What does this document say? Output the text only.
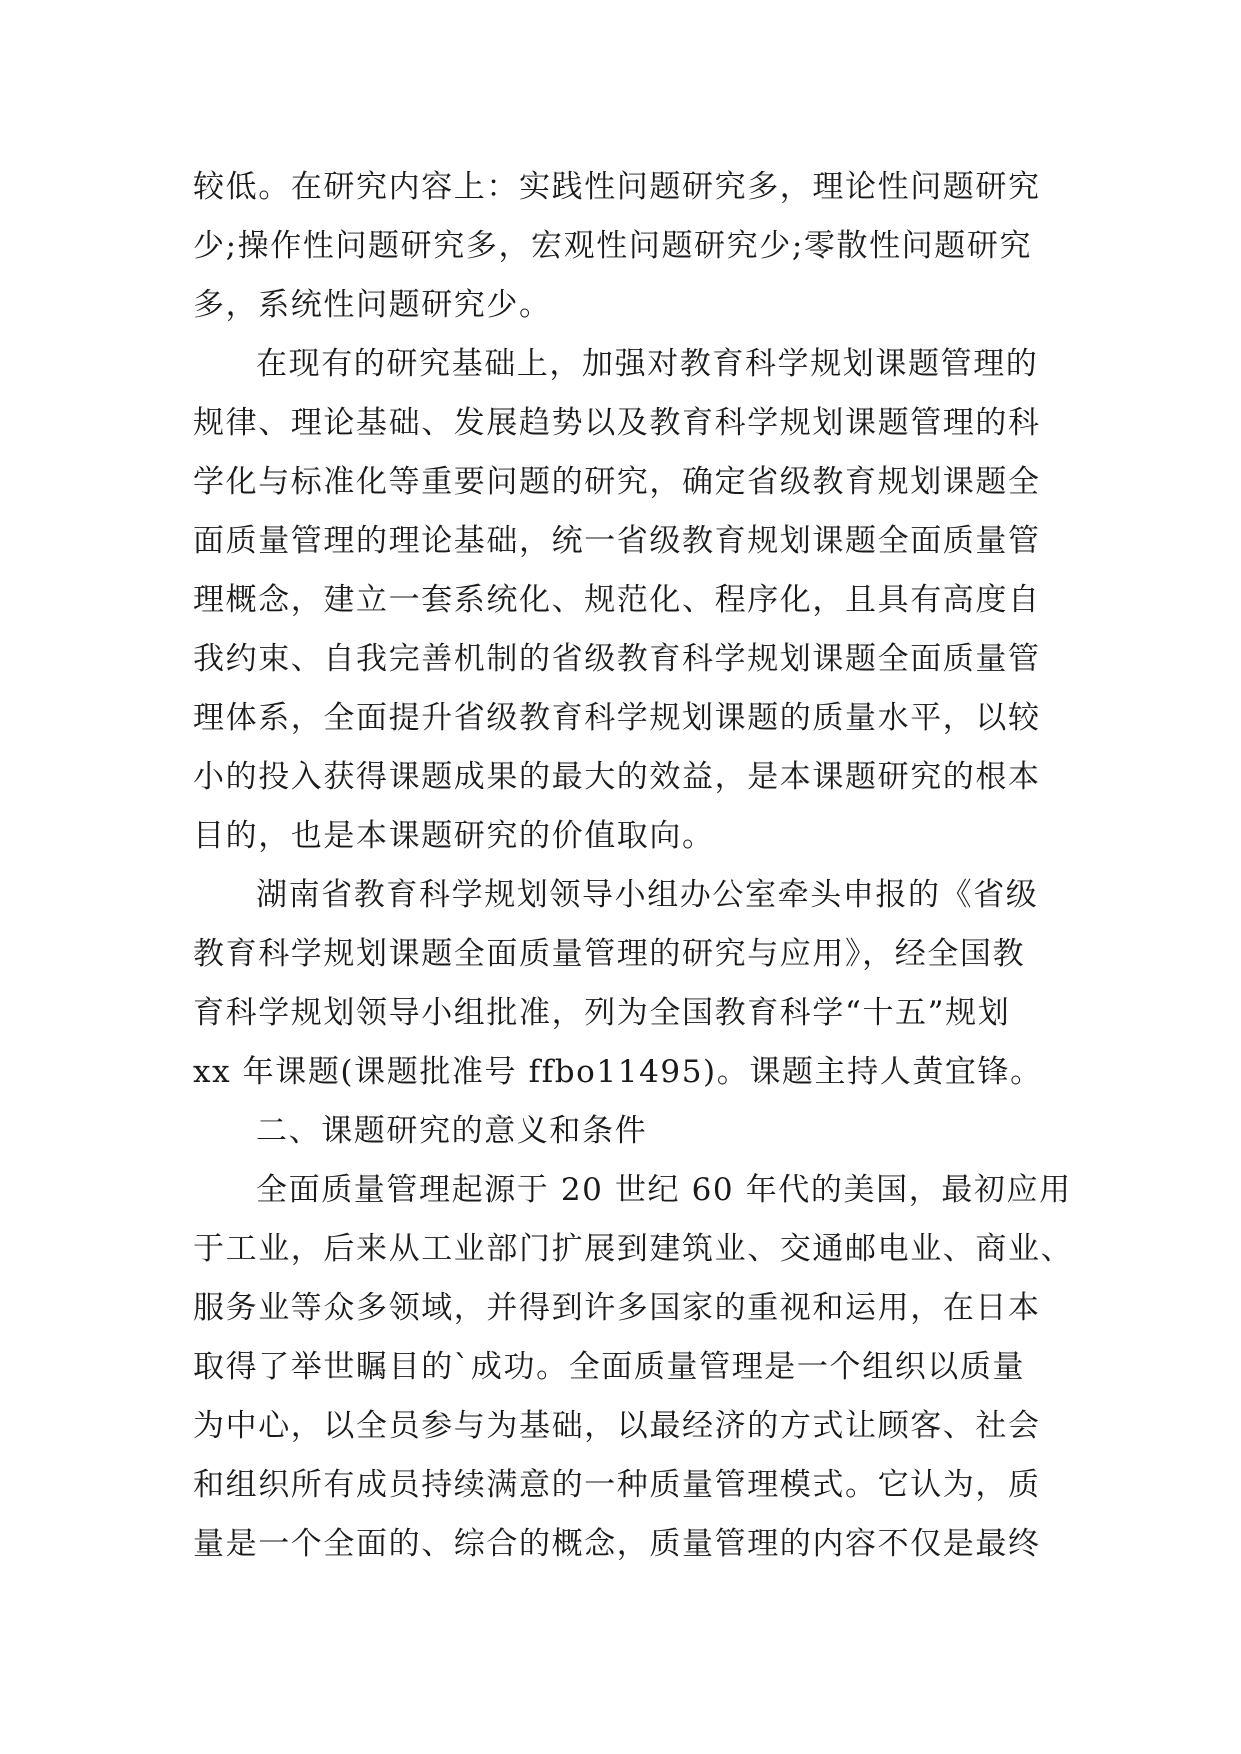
较低。在研究内容上：实践性问题研究多，理论性问题研究
少;操作性问题研究多，宏观性问题研究少;零散性问题研究
多，系统性问题研究少。
在现有的研究基础上，加强对教育科学规划课题管理的
规律、理论基础、发展趋势以及教育科学规划课题管理的科
学化与标准化等重要问题的研究，确定省级教育规划课题全
面质量管理的理论基础，统一省级教育规划课题全面质量管
理概念，建立一套系统化、规范化、程序化，且具有高度自
我约束、自我完善机制的省级教育科学规划课题全面质量管
理体系，全面提升省级教育科学规划课题的质量水平，以较
小的投入获得课题成果的最大的效益，是本课题研究的根本
目的，也是本课题研究的价值取向。
湖南省教育科学规划领导小组办公室牵头申报的《省级
教育科学规划课题全面质量管理的研究与应用》，经全国教
育科学规划领导小组批准，列为全国教育科学“十五”规划
xx 年课题(课题批准号 ffbo11495)。课题主持人黄宜锋。
二、课题研究的意义和条件
全面质量管理起源于 20 世纪 60 年代的美国，最初应用
于工业，后来从工业部门扩展到建筑业、交通邮电业、商业、
服务业等众多领域，并得到许多国家的重视和运用，在日本
取得了举世瞩目的`成功。全面质量管理是一个组织以质量
为中心，以全员参与为基础，以最经济的方式让顾客、社会
和组织所有成员持续满意的一种质量管理模式。它认为，质
量是一个全面的、综合的概念，质量管理的内容不仅是最终
